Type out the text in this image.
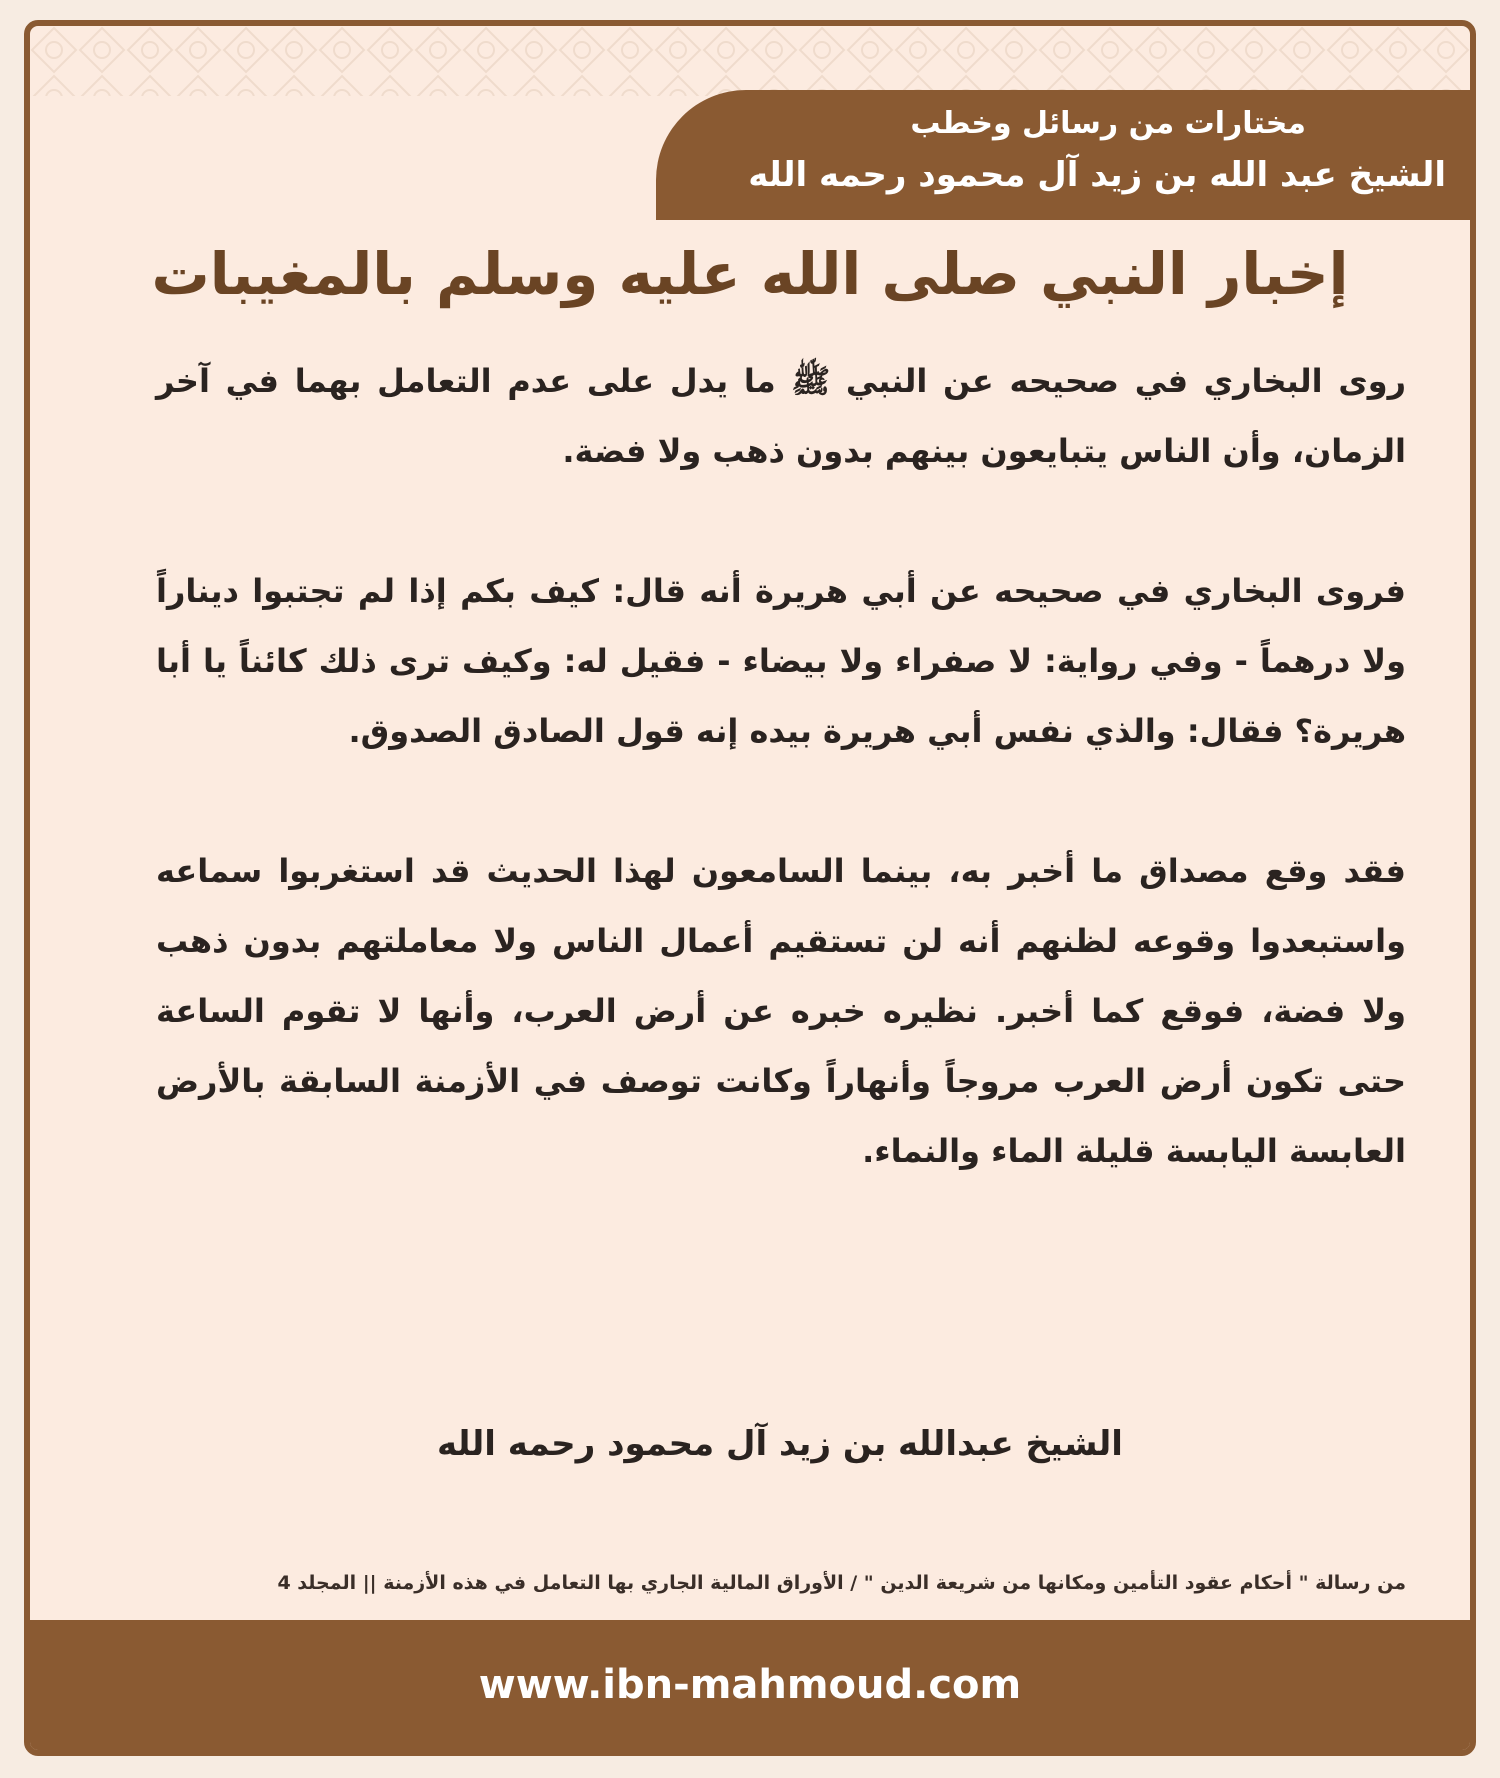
مختارات من رسائل وخطب
الشيخ عبد الله بن زيد آل محمود رحمه الله
إخبار النبي صلى الله عليه وسلم بالمغيبات

روى البخاري في صحيحه عن النبي ﷺ ما يدل على عدم التعامل بهما في آخر الزمان، وأن الناس يتبايعون بينهم بدون ذهب ولا فضة.

فروى البخاري في صحيحه عن أبي هريرة أنه قال: كيف بكم إذا لم تجتبوا ديناراً ولا درهماً - وفي رواية: لا صفراء ولا بيضاء - فقيل له: وكيف ترى ذلك كائناً يا أبا هريرة؟ فقال: والذي نفس أبي هريرة بيده إنه قول الصادق الصدوق.

فقد وقع مصداق ما أخبر به، بينما السامعون لهذا الحديث قد استغربوا سماعه واستبعدوا وقوعه لظنهم أنه لن تستقيم أعمال الناس ولا معاملتهم بدون ذهب ولا فضة، فوقع كما أخبر. نظيره خبره عن أرض العرب، وأنها لا تقوم الساعة حتى تكون أرض العرب مروجاً وأنهاراً وكانت توصف في الأزمنة السابقة بالأرض العابسة اليابسة قليلة الماء والنماء.

الشيخ عبدالله بن زيد آل محمود رحمه الله
من رسالة " أحكام عقود التأمين ومكانها من شريعة الدين " / الأوراق المالية الجاري بها التعامل في هذه الأزمنة || المجلد 4
www.ibn-mahmoud.com
